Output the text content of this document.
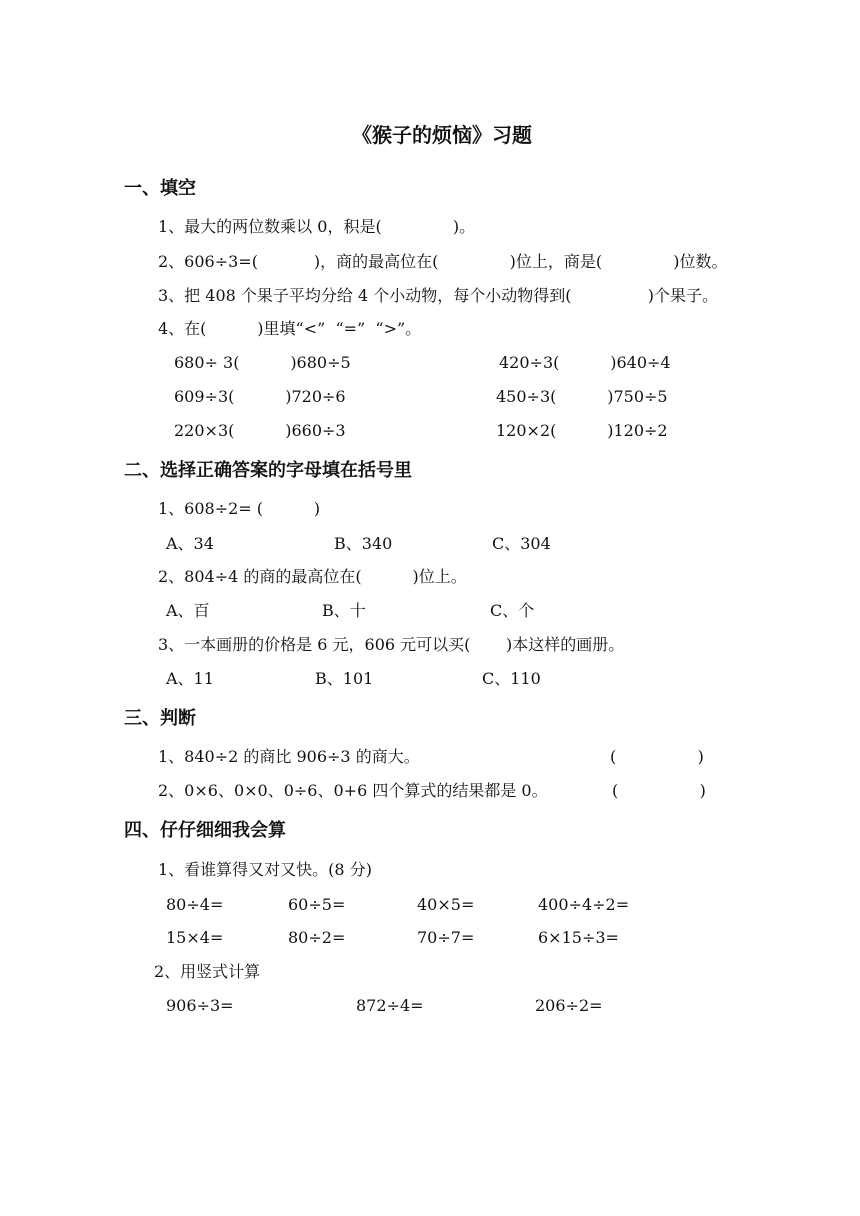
《猴子的烦恼》习题
一、填空
1、最大的两位数乘以 0，积是(              )。
2、606÷3=(           )，商的最高位在(              )位上，商是(              )位数。
3、把 408 个果子平均分给 4 个小动物，每个小动物得到(               )个果子。
4、在(          )里填“<”  “=”  “>”。
680÷ 3(          )680÷5	420÷3(          )640÷4
609÷3(          )720÷6	450÷3(          )750÷5
220×3(          )660÷3	120×2(          )120÷2
二、选择正确答案的字母填在括号里
1、608÷2= (          )
A、34	B、340	C、304
2、804÷4 的商的最高位在(          )位上。
A、百	B、十	C、个
3、一本画册的价格是 6 元，606 元可以买(       )本这样的画册。
A、11	B、101	C、110
三、判断
1、840÷2 的商比 906÷3 的商大。	(                )
2、0×6、0×0、0÷6、0+6 四个算式的结果都是 0。	(                )
四、仔仔细细我会算
1、看谁算得又对又快。(8 分)
80÷4=	60÷5=	40×5=	400÷4÷2=
15×4=	80÷2=	70÷7=	6×15÷3=
2、用竖式计算
906÷3=	872÷4=	206÷2=
